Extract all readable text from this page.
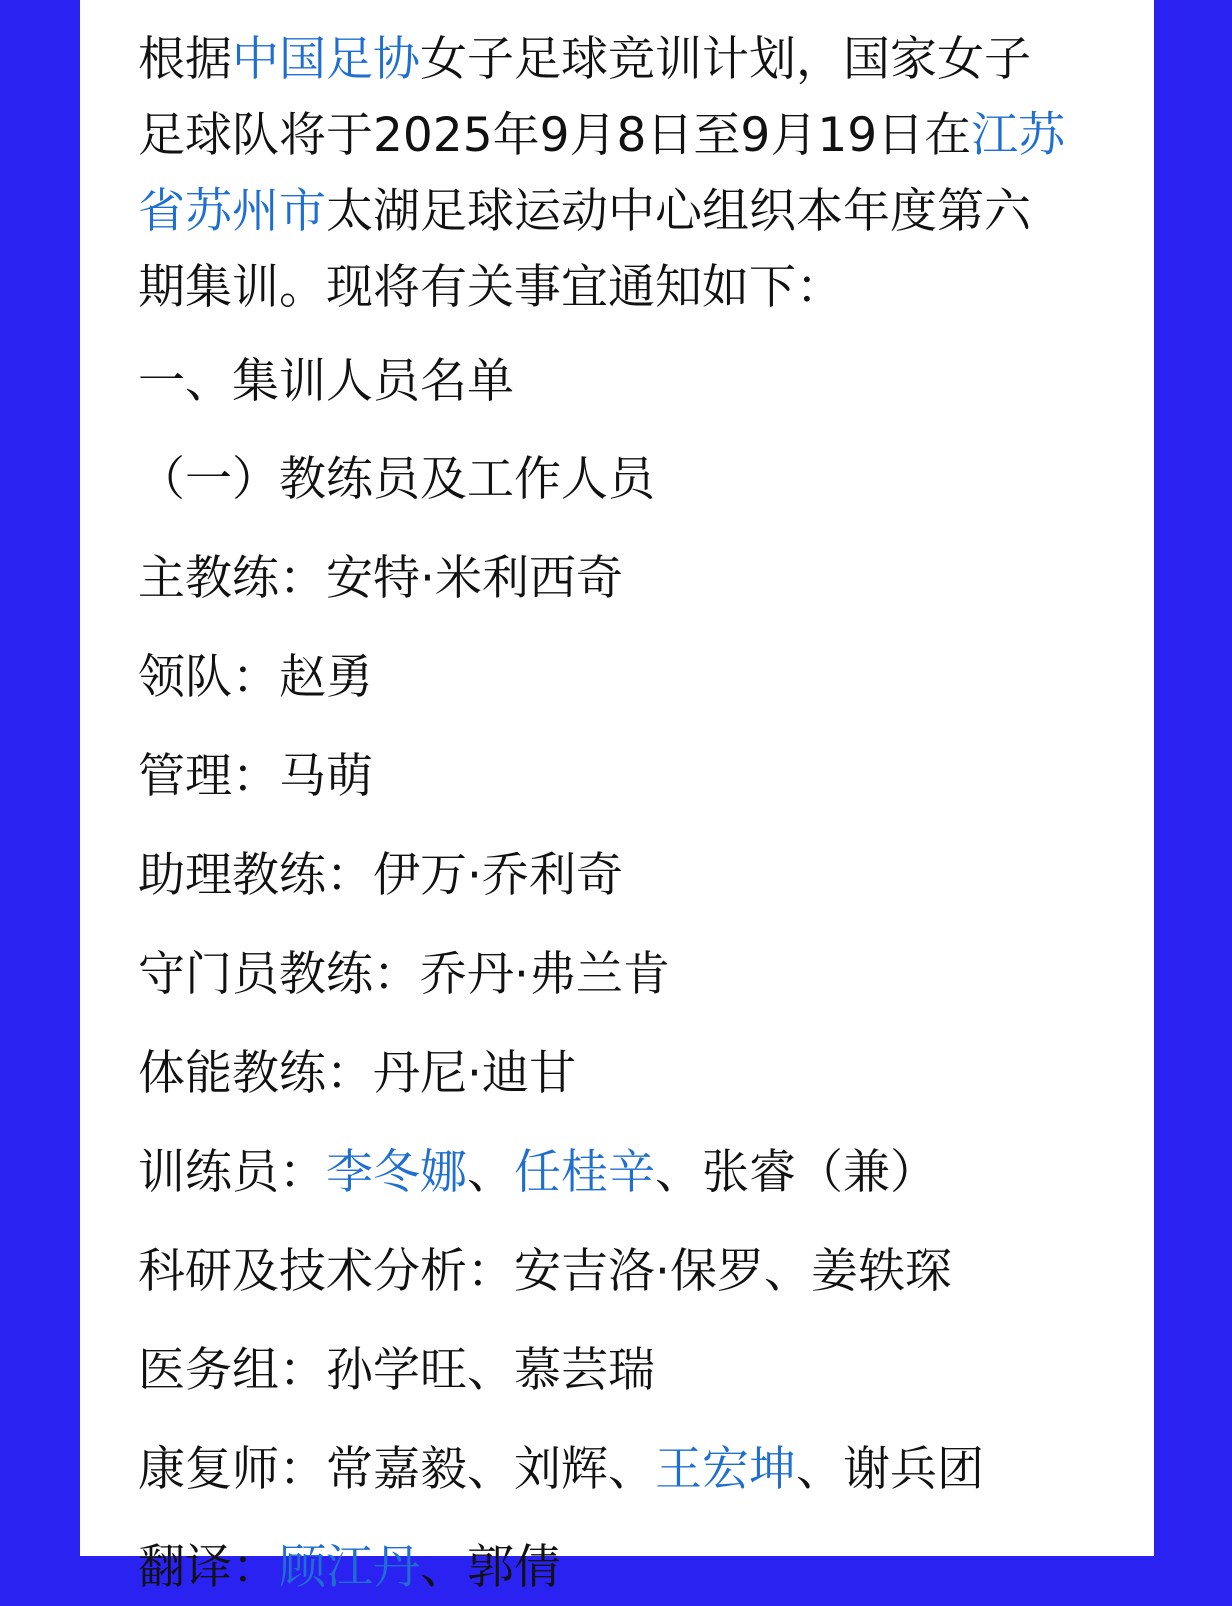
根据中国足协女子足球竞训计划，国家女子足球队将于2025年9月8日至9月19日在江苏省苏州市太湖足球运动中心组织本年度第六期集训。现将有关事宜通知如下：

一、集训人员名单

（一）教练员及工作人员

主教练：安特·米利西奇

领队：赵勇

管理：马萌

助理教练：伊万·乔利奇

守门员教练：乔丹·弗兰肯

体能教练：丹尼·迪甘

训练员：李冬娜、任桂辛、张睿（兼）

科研及技术分析：安吉洛·保罗、姜轶琛

医务组：孙学旺、慕芸瑞

康复师：常嘉毅、刘辉、王宏坤、谢兵团

翻译：顾江丹、郭倩
